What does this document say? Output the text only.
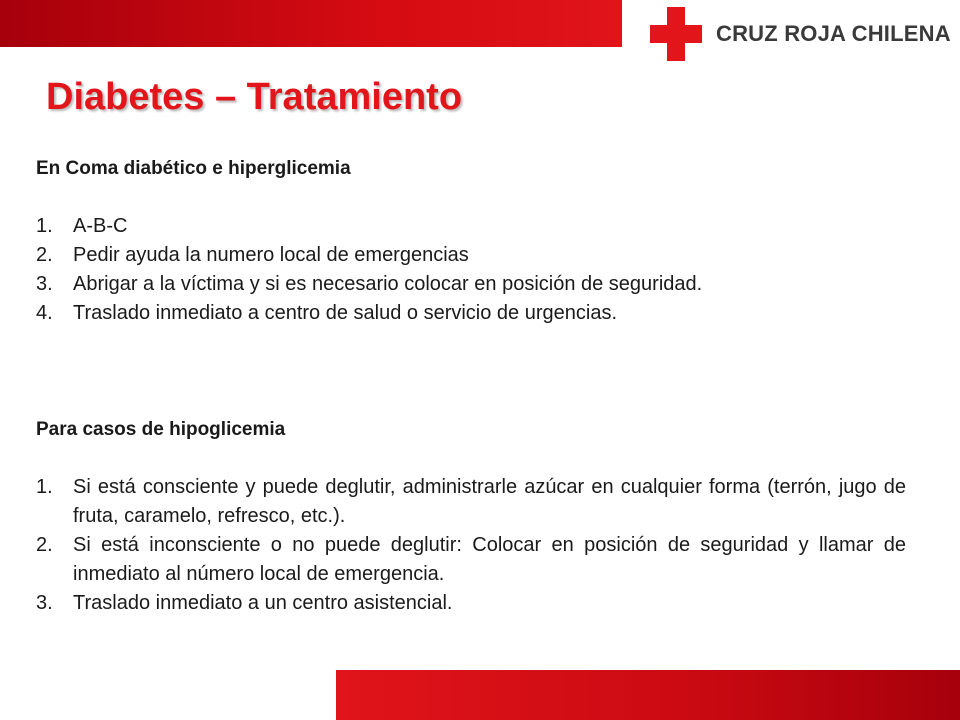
CRUZ ROJA CHILENA
Diabetes – Tratamiento

En Coma diabético e hiperglicemia

1.	A-B-C
2.	Pedir ayuda la numero local de emergencias
3.	Abrigar a la víctima y si es necesario colocar en posición de seguridad.
4.	Traslado inmediato a centro de salud o servicio de urgencias.

Para casos de hipoglicemia

1.	Si está consciente y puede deglutir, administrarle azúcar en cualquier forma (terrón, jugo de fruta, caramelo, refresco, etc.).
2.	Si está inconsciente o no puede deglutir: Colocar en posición de seguridad y llamar de inmediato al número local de emergencia.
3.	Traslado inmediato a un centro asistencial.
